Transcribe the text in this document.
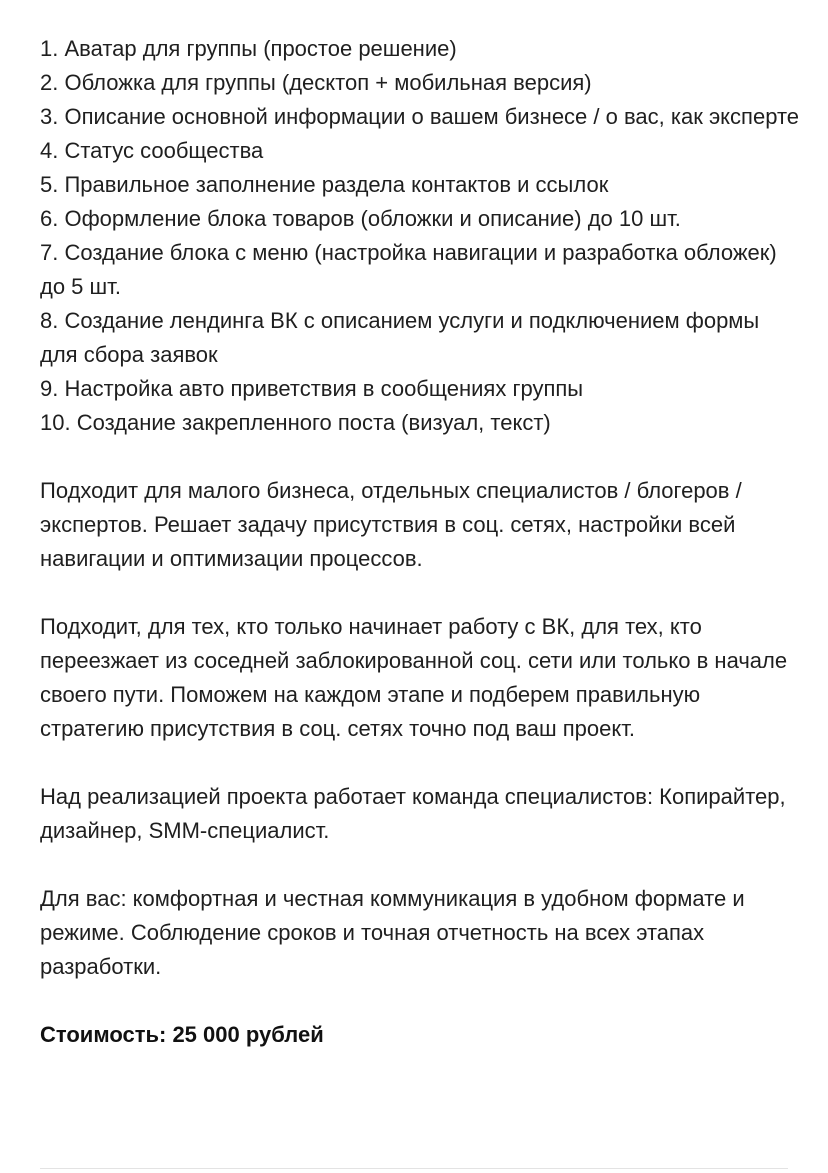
1. Аватар для группы (простое решение)
2. Обложка для группы (десктоп + мобильная версия)
3. Описание основной информации о вашем бизнесе / о вас, как эксперте
4. Статус сообщества
5. Правильное заполнение раздела контактов и ссылок
6. Оформление блока товаров (обложки и описание) до 10 шт.
7. Создание блока с меню (настройка навигации и разработка обложек) до 5 шт.
8. Создание лендинга ВК с описанием услуги и подключением формы для сбора заявок
9. Настройка авто приветствия в сообщениях группы
10. Создание закрепленного поста (визуал, текст)

Подходит для малого бизнеса, отдельных специалистов / блогеров / экспертов. Решает задачу присутствия в соц. сетях, настройки всей навигации и оптимизации процессов.

Подходит, для тех, кто только начинает работу с ВК, для тех, кто переезжает из соседней заблокированной соц. сети или только в начале своего пути. Поможем на каждом этапе и подберем правильную стратегию присутствия в соц. сетях точно под ваш проект.

Над реализацией проекта работает команда специалистов: Копирайтер, дизайнер, SMM-специалист.

Для вас: комфортная и честная коммуникация в удобном формате и режиме. Соблюдение сроков и точная отчетность на всех этапах разработки.

Стоимость: 25 000 рублей
